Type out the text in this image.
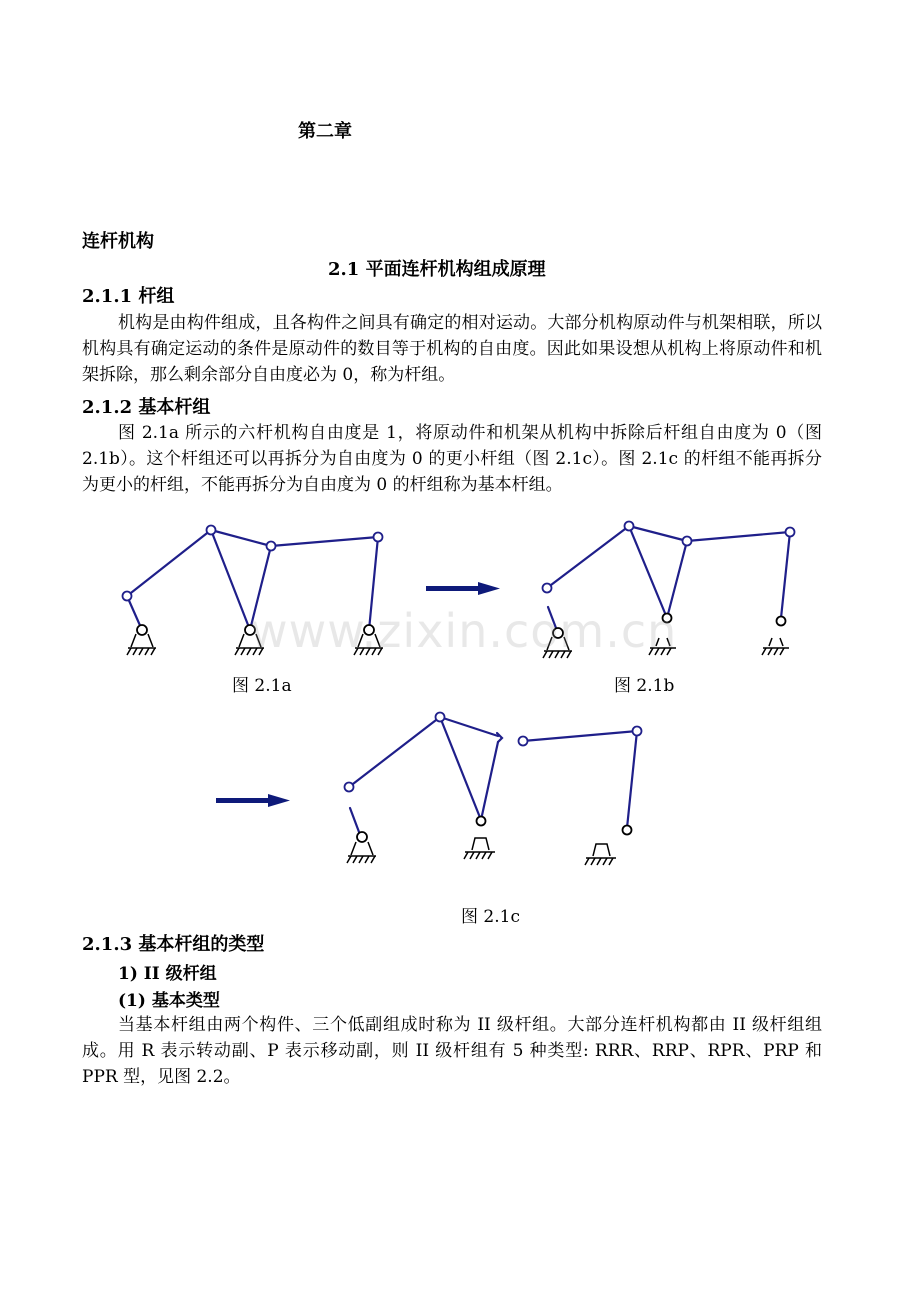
第二章
连杆机构
2.1 平面连杆机构组成原理
2.1.1 杆组

机构是由构件组成，且各构件之间具有确定的相对运动。大部分机构原动件与机架相联，所以机构具有确定运动的条件是原动件的数目等于机构的自由度。因此如果设想从机构上将原动件和机架拆除，那么剩余部分自由度必为 0，称为杆组。

2.1.2 基本杆组

图 2.1a 所示的六杆机构自由度是 1，将原动件和机架从机构中拆除后杆组自由度为 0（图 2.1b）。这个杆组还可以再拆分为自由度为 0 的更小杆组（图 2.1c）。图 2.1c 的杆组不能再拆分为更小的杆组，不能再拆分为自由度为 0 的杆组称为基本杆组。

www.zixin.com.cn
图 2.1a	图 2.1b
图 2.1c
2.1.3 基本杆组的类型
1) II 级杆组
(1) 基本类型

当基本杆组由两个构件、三个低副组成时称为 II 级杆组。大部分连杆机构都由 II 级杆组组成。用 R 表示转动副、P 表示移动副，则 II 级杆组有 5 种类型: RRR、RRP、RPR、PRP 和 PPR 型，见图 2.2。
